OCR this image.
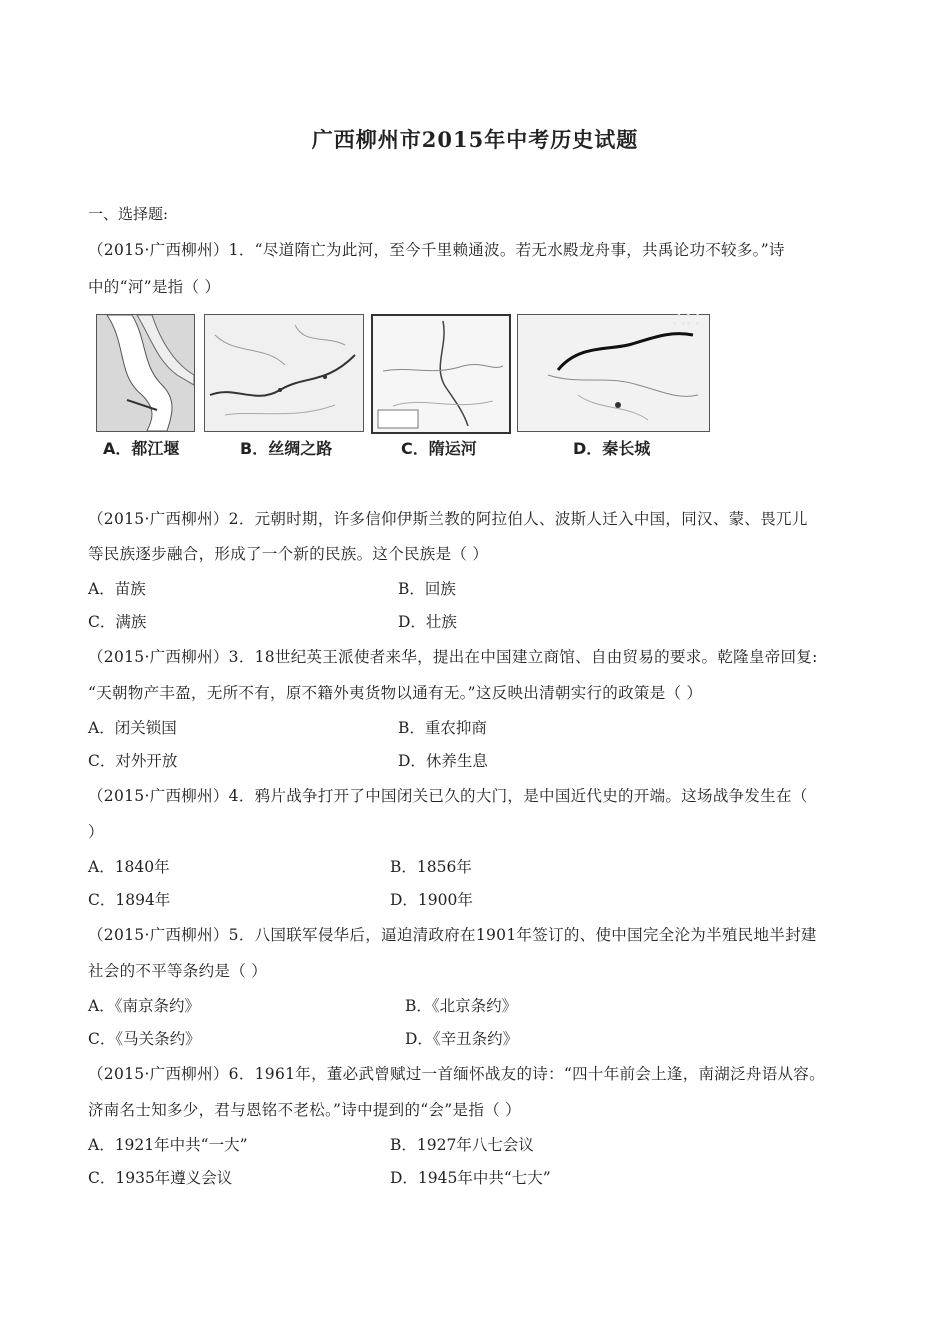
广西柳州市2015年中考历史试题
一、选择题:
（2015·广西柳州）1．“尽道隋亡为此河，至今千里赖通波。若无水殿龙舟事，共禹论功不较多。”诗
中的“河”是指（ ）
∴∷
A．都江堰	B．丝绸之路	C．隋运河	D．秦长城
（2015·广西柳州）2．元朝时期，许多信仰伊斯兰教的阿拉伯人、波斯人迁入中国，同汉、蒙、畏兀儿
等民族逐步融合，形成了一个新的民族。这个民族是（ ）
A．苗族	B．回族
C．满族	D．壮族
（2015·广西柳州）3．18世纪英王派使者来华，提出在中国建立商馆、自由贸易的要求。乾隆皇帝回复:
“天朝物产丰盈，无所不有，原不籍外夷货物以通有无。”这反映出清朝实行的政策是（ ）
A．闭关锁国	B．重农抑商
C．对外开放	D．休养生息
（2015·广西柳州）4．鸦片战争打开了中国闭关已久的大门，是中国近代史的开端。这场战争发生在（
）
A．1840年	B．1856年
C．1894年	D．1900年
（2015·广西柳州）5．八国联军侵华后，逼迫清政府在1901年签订的、使中国完全沦为半殖民地半封建
社会的不平等条约是（ ）
A．《南京条约》	B．《北京条约》
C．《马关条约》	D．《辛丑条约》
（2015·广西柳州）6．1961年，董必武曾赋过一首缅怀战友的诗：“四十年前会上逢，南湖泛舟语从容。
济南名士知多少，君与恩铭不老松。”诗中提到的“会”是指（ ）
A．1921年中共“一大”	B．1927年八七会议
C．1935年遵义会议	D．1945年中共“七大”
